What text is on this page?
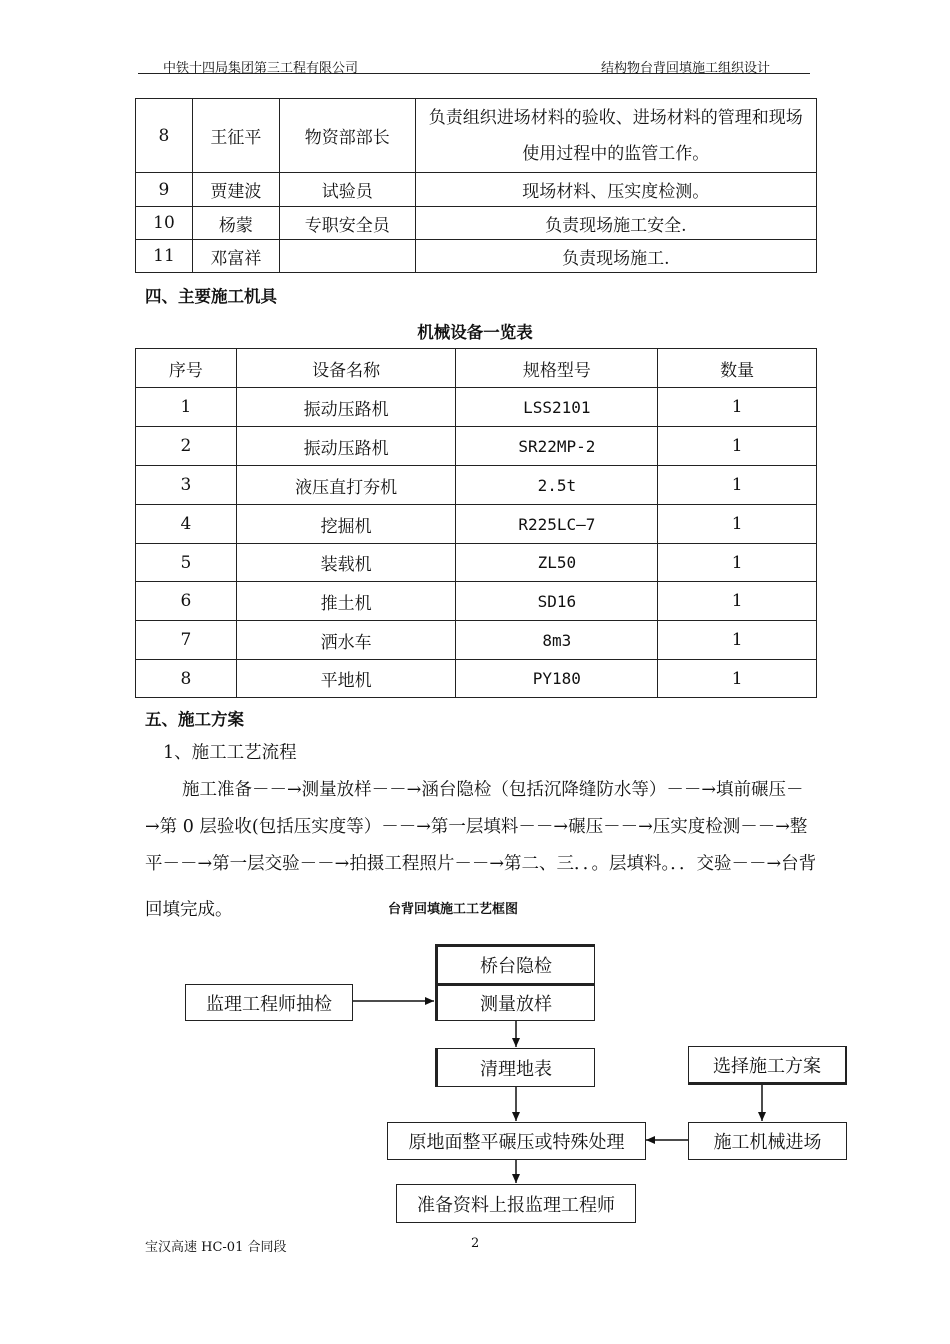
中铁十四局集团第三工程有限公司	结构物台背回填施工组织设计
8	王征平	物资部部长	负责组织进场材料的验收、进场材料的管理和现场使用过程中的监管工作。
9	贾建波	试验员	现场材料、压实度检测。
10	杨蒙	专职安全员	负责现场施工安全.
11	邓富祥		负责现场施工.
四、主要施工机具
机械设备一览表
序号	设备名称	规格型号	数量
1	振动压路机	LSS2101	1
2	振动压路机	SR22MP-2	1
3	液压直打夯机	2.5t	1
4	挖掘机	R225LC—7	1
5	装载机	ZL50	1
6	推土机	SD16	1
7	洒水车	8m3	1
8	平地机	PY180	1
五、施工方案
1、施工工艺流程
施工准备－－→测量放样－－→涵台隐检（包括沉降缝防水等）－－→填前碾压－
→第 0 层验收(包括压实度等）－－→第一层填料－－→碾压－－→压实度检测－－→整
平－－→第一层交验－－→拍摄工程照片－－→第二、三．．。层填料。．．交验－－→台背
回填完成。	台背回填施工工艺框图
桥台隐检
测量放样
监理工程师抽检
清理地表	选择施工方案
原地面整平碾压或特殊处理	施工机械进场
准备资料上报监理工程师
宝汉高速 HC-01 合同段	2
